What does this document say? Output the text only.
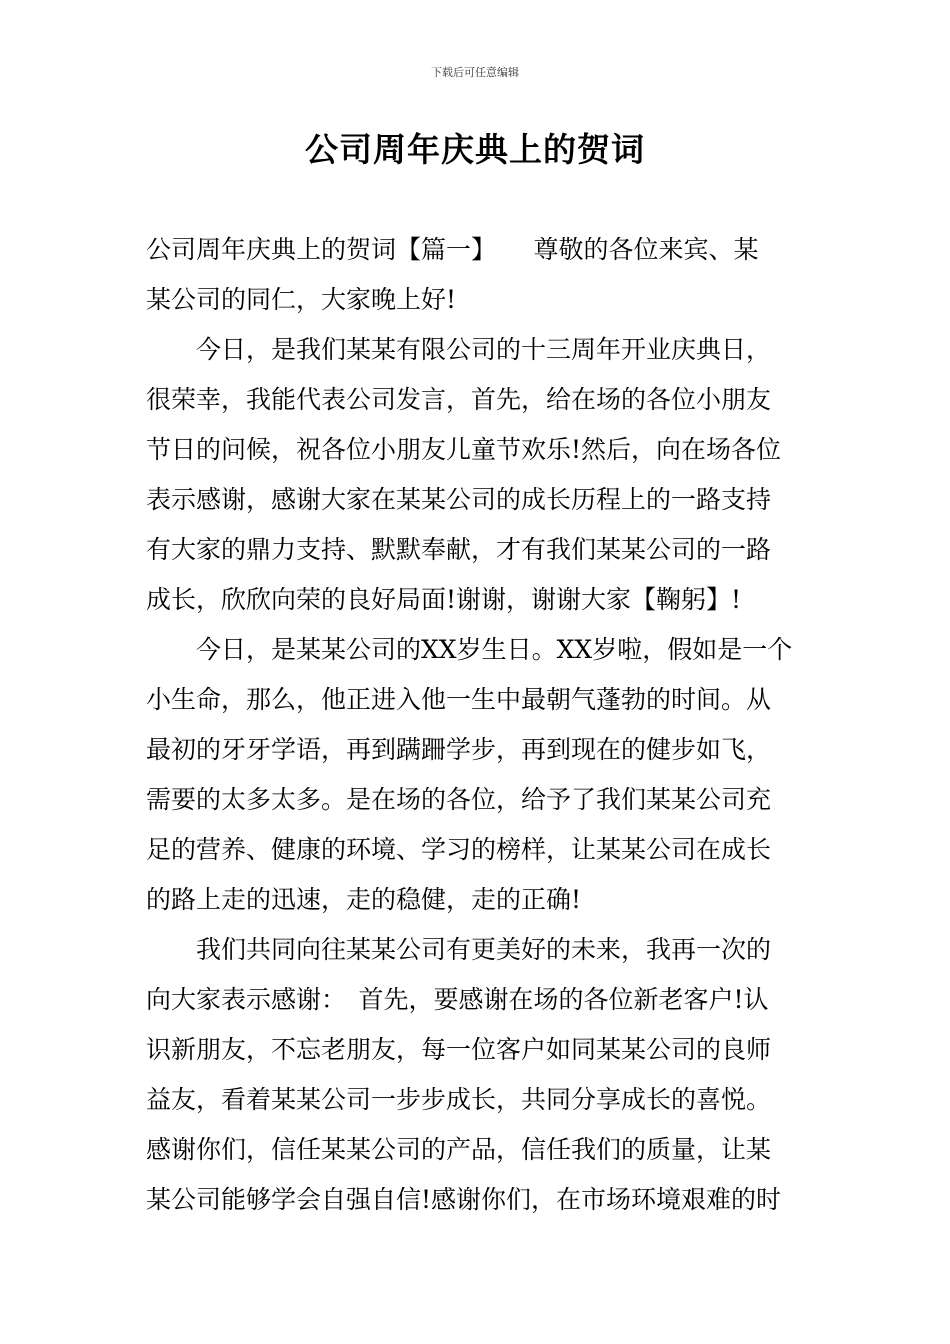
下载后可任意编辑
公司周年庆典上的贺词
公司周年庆典上的贺词【篇一】　　尊敬的各位来宾、某
某公司的同仁，大家晚上好!
今日，是我们某某有限公司的十三周年开业庆典日，
很荣幸，我能代表公司发言，首先，给在场的各位小朋友
节日的问候，祝各位小朋友儿童节欢乐!然后，向在场各位
表示感谢，感谢大家在某某公司的成长历程上的一路支持
有大家的鼎力支持、默默奉献，才有我们某某公司的一路
成长，欣欣向荣的良好局面!谢谢，谢谢大家【鞠躬】!
今日，是某某公司的XX岁生日。XX岁啦，假如是一个
小生命，那么，他正进入他一生中最朝气蓬勃的时间。从
最初的牙牙学语，再到蹒跚学步，再到现在的健步如飞，
需要的太多太多。是在场的各位，给予了我们某某公司充
足的营养、健康的环境、学习的榜样，让某某公司在成长
的路上走的迅速，走的稳健，走的正确!
我们共同向往某某公司有更美好的未来，我再一次的
向大家表示感谢：　首先，要感谢在场的各位新老客户!认
识新朋友，不忘老朋友，每一位客户如同某某公司的良师
益友，看着某某公司一步步成长，共同分享成长的喜悦。
感谢你们，信任某某公司的产品，信任我们的质量，让某
某公司能够学会自强自信!感谢你们，在市场环境艰难的时
